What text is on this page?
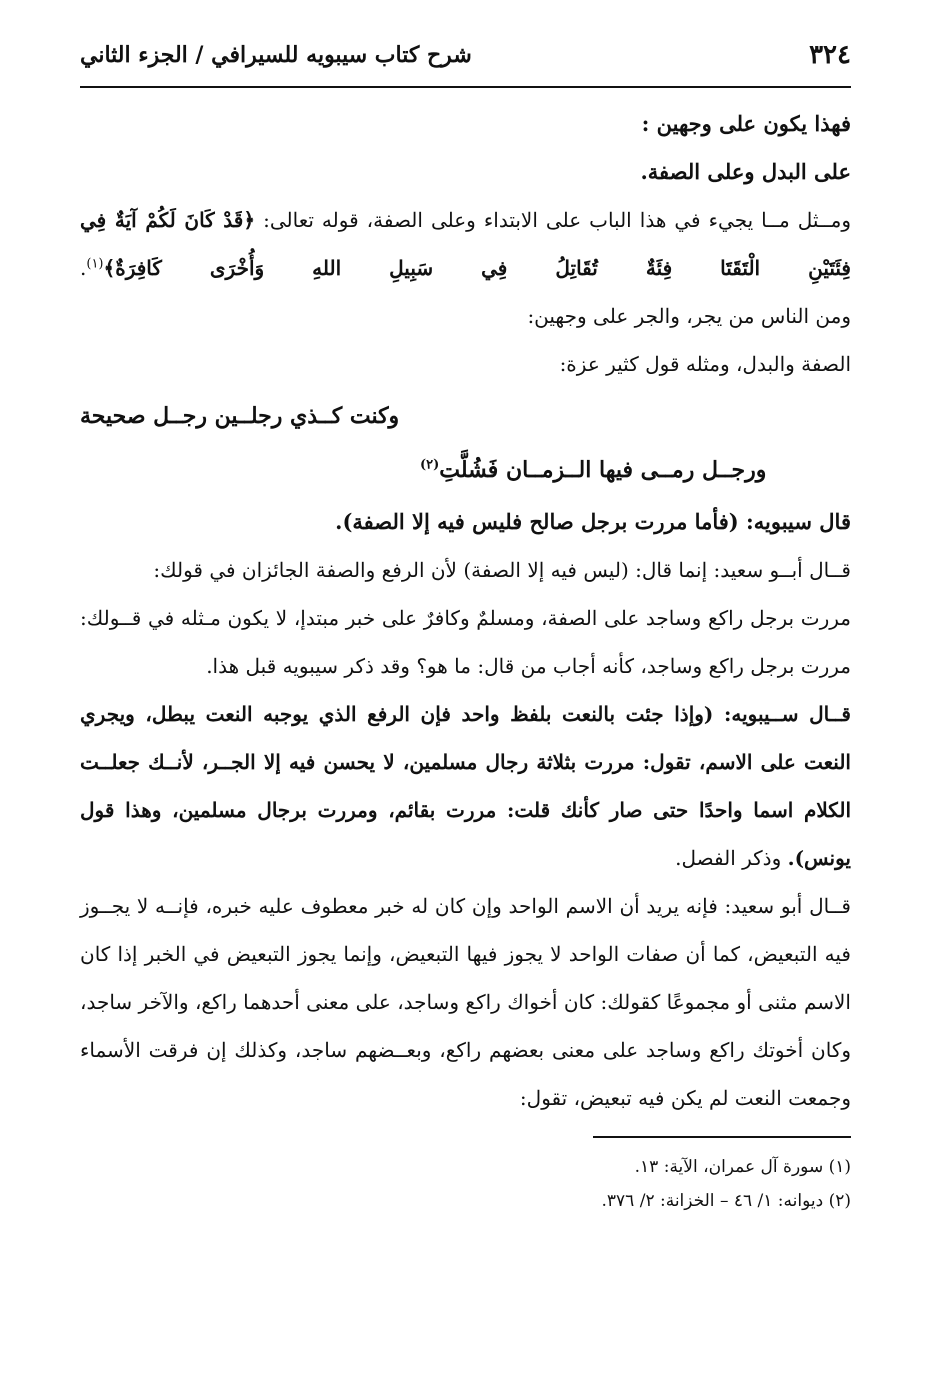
٣٢٤
شرح كتاب سيبويه للسيرافي / الجزء الثاني

فهذا يكون على وجهين :

على البدل وعلى الصفة.

ومــثل مــا يجيء في هذا الباب على الابتداء وعلى الصفة، قوله تعالى: ﴿قَدْ كَانَ لَكُمْ آيَةٌ فِي فِئَتَيْنِ الْتَقَتَا فِئَةٌ تُقَاتِلُ فِي سَبِيلِ اللهِ وَأُخْرَى كَافِرَةٌ﴾$^{(١)}$.

ومن الناس من يجر، والجر على وجهين:

الصفة والبدل، ومثله قول كثير عزة:

وكنت كــذي رجلــين رجــل صحيحة
ورجــل رمــى فيها الــزمــان فَشُلَّتِ$^{(٢)}$

قال سيبويه: (فأما مررت برجل صالح فليس فيه إلا الصفة).

قــال أبــو سعيد: إنما قال: (ليس فيه إلا الصفة) لأن الرفع والصفة الجائزان في قولك:

مررت برجل راكع وساجد على الصفة، ومسلمٌ وكافرٌ على خبر مبتدإ، لا يكون مـثله في قــولك: مررت برجل راكع وساجد، كأنه أجاب من قال: ما هو؟ وقد ذكر سيبويه قبل هذا.

قــال ســيبويه: (وإذا جئت بالنعت بلفظ واحد فإن الرفع الذي يوجبه النعت يبطل، ويجري النعت على الاسم، تقول: مررت بثلاثة رجال مسلمين، لا يحسن فيه إلا الجــر، لأنــك جعلــت الكلام اسما واحدًا حتى صار كأنك قلت: مررت بقائم، ومررت برجال مسلمين، وهذا قول يونس). وذكر الفصل.

قــال أبو سعيد: فإنه يريد أن الاسم الواحد وإن كان له خبر معطوف عليه خبره، فإنــه لا يجــوز فيه التبعيض، كما أن صفات الواحد لا يجوز فيها التبعيض، وإنما يجوز التبعيض في الخبر إذا كان الاسم مثنى أو مجموعًا كقولك: كان أخواك راكع وساجد، على معنى أحدهما راكع، والآخر ساجد، وكان أخوتك راكع وساجد على معنى بعضهم راكع، وبعــضهم ساجد، وكذلك إن فرقت الأسماء وجمعت النعت لم يكن فيه تبعيض، تقول:

(١) سورة آل عمران، الآية: ١٣.
(٢) ديوانه: ١/ ٤٦ – الخزانة: ٢/ ٣٧٦.
